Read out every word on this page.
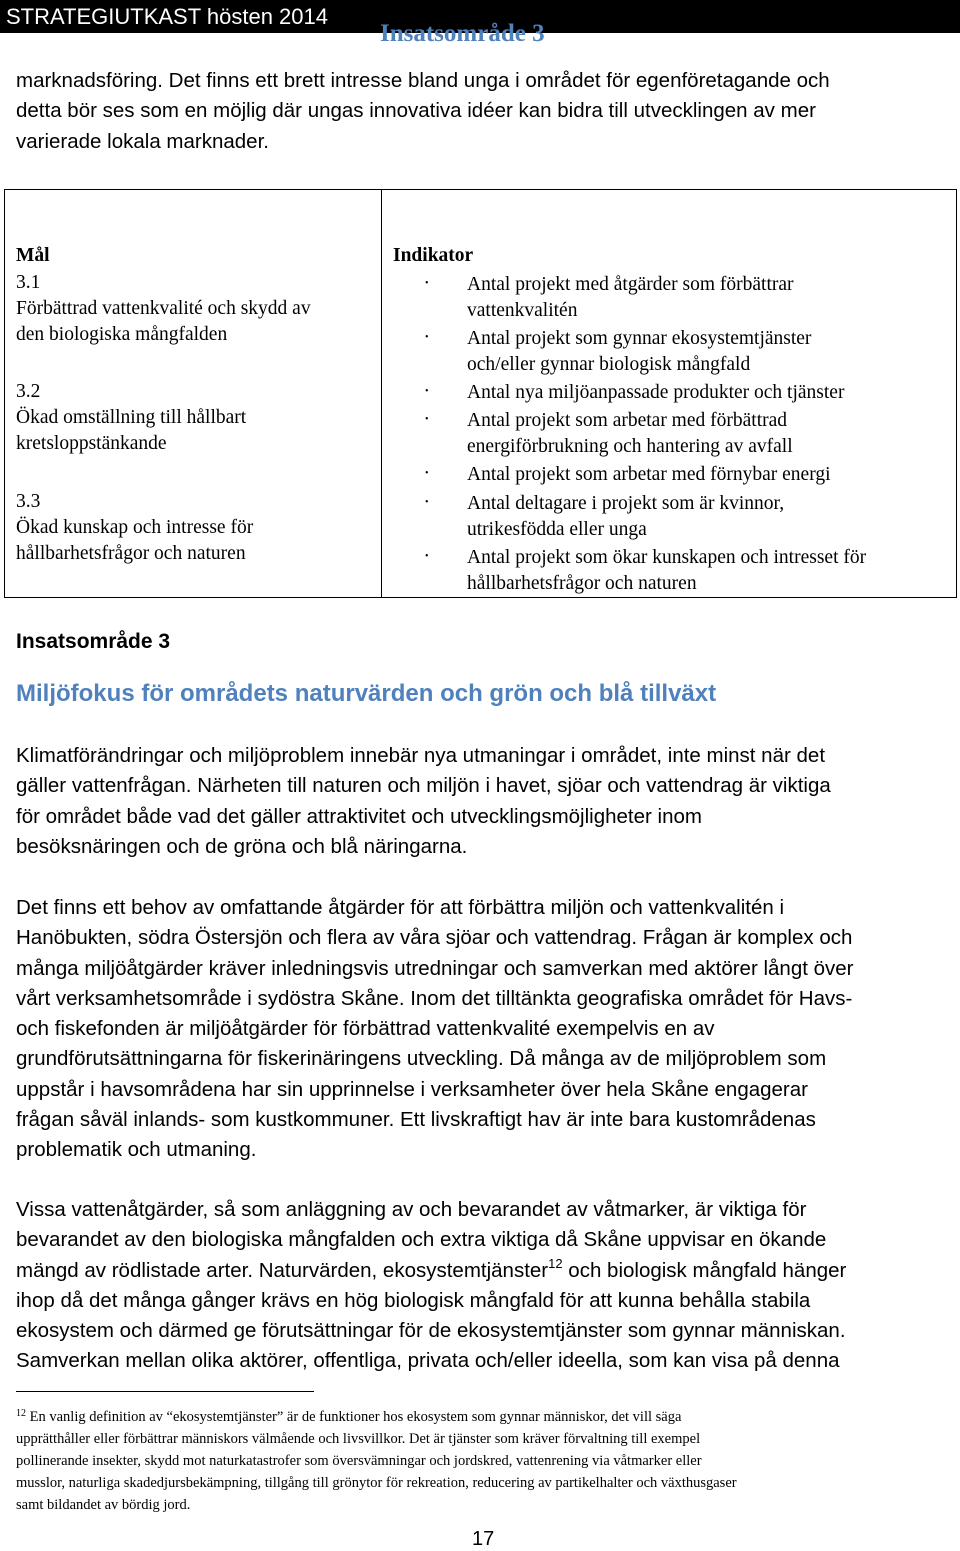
STRATEGIUTKAST hösten 2014
marknadsföring. Det finns ett brett intresse bland unga i området för egenföretagande och
detta bör ses som en möjlig där ungas innovativa idéer kan bidra till utvecklingen av mer
varierade lokala marknader.
Insatsområde 3
Mål	Indikator
3.1
Förbättrad vattenkvalité och skydd av
den biologiska mångfalden
3.2
Ökad omställning till hållbart
kretsloppstänkande
3.3
Ökad kunskap och intresse för
hållbarhetsfrågor och naturen
• Antal projekt med åtgärder som förbättrar
vattenkvalitén
• Antal projekt som gynnar ekosystemtjänster
och/eller gynnar biologisk mångfald
• Antal nya miljöanpassade produkter och tjänster
• Antal projekt som arbetar med förbättrad
energiförbrukning och hantering av avfall
• Antal projekt som arbetar med förnybar energi
• Antal deltagare i projekt som är kvinnor,
utrikesfödda eller unga
• Antal projekt som ökar kunskapen och intresset för
hållbarhetsfrågor och naturen
Insatsområde 3
Miljöfokus för områdets naturvärden och grön och blå tillväxt
Klimatförändringar och miljöproblem innebär nya utmaningar i området, inte minst när det
gäller vattenfrågan. Närheten till naturen och miljön i havet, sjöar och vattendrag är viktiga
för området både vad det gäller attraktivitet och utvecklingsmöjligheter inom
besöksnäringen och de gröna och blå näringarna.
Det finns ett behov av omfattande åtgärder för att förbättra miljön och vattenkvalitén i
Hanöbukten, södra Östersjön och flera av våra sjöar och vattendrag. Frågan är komplex och
många miljöåtgärder kräver inledningsvis utredningar och samverkan med aktörer långt över
vårt verksamhetsområde i sydöstra Skåne. Inom det tilltänkta geografiska området för Havs-
och fiskefonden är miljöåtgärder för förbättrad vattenkvalité exempelvis en av
grundförutsättningarna för fiskerinäringens utveckling. Då många av de miljöproblem som
uppstår i havsområdena har sin upprinnelse i verksamheter över hela Skåne engagerar
frågan såväl inlands- som kustkommuner. Ett livskraftigt hav är inte bara kustområdenas
problematik och utmaning.
Vissa vattenåtgärder, så som anläggning av och bevarandet av våtmarker, är viktiga för
bevarandet av den biologiska mångfalden och extra viktiga då Skåne uppvisar en ökande
mängd av rödlistade arter. Naturvärden, ekosystemtjänster$^{12}$ och biologisk mångfald hänger
ihop då det många gånger krävs en hög biologisk mångfald för att kunna behålla stabila
ekosystem och därmed ge förutsättningar för de ekosystemtjänster som gynnar människan.
Samverkan mellan olika aktörer, offentliga, privata och/eller ideella, som kan visa på denna
$^{12}$ En vanlig definition av “ekosystemtjänster” är de funktioner hos ekosystem som gynnar människor, det vill säga
upprätthåller eller förbättrar människors välmående och livsvillkor. Det är tjänster som kräver förvaltning till exempel
pollinerande insekter, skydd mot naturkatastrofer som översvämningar och jordskred, vattenrening via våtmarker eller
musslor, naturliga skadedjursbekämpning, tillgång till grönytor för rekreation, reducering av partikelhalter och växthusgaser
samt bildandet av bördig jord.
17
